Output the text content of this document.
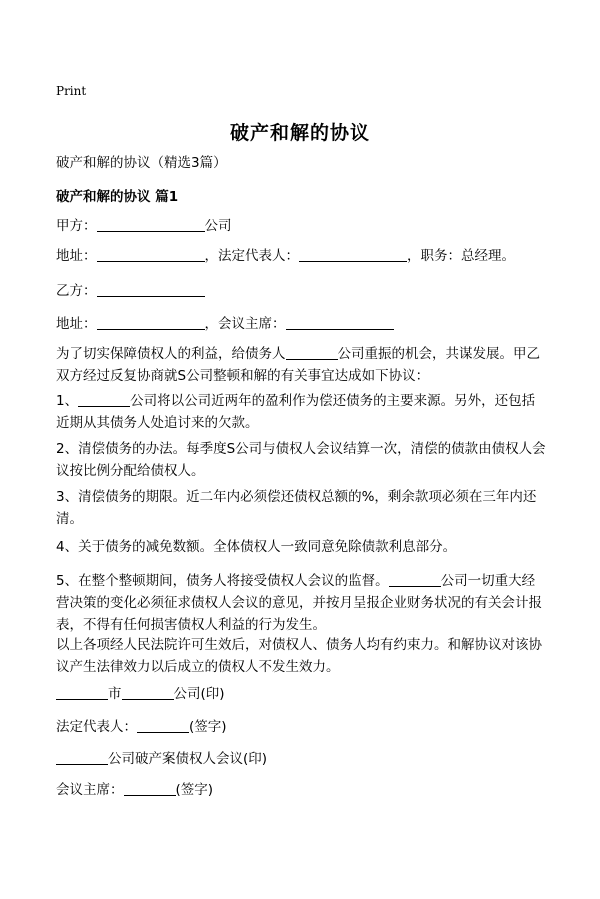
Print
破产和解的协议
破产和解的协议（精选3篇）
破产和解的协议 篇1
甲方：	公司
地址：	，法定代表人：	，职务：总经理。
乙方：
地址：	，会议主席：
为了切实保障债权人的利益，给债务人	公司重振的机会，共谋发展。甲乙双方经过反复协商就S公司整顿和解的有关事宜达成如下协议：
1、	公司将以公司近两年的盈利作为偿还债务的主要来源。另外，还包括近期从其债务人处追讨来的欠款。
2、清偿债务的办法。每季度S公司与债权人会议结算一次，清偿的债款由债权人会议按比例分配给债权人。
3、清偿债务的期限。近二年内必须偿还债权总额的%，剩余款项必须在三年内还清。
4、关于债务的减免数额。全体债权人一致同意免除债款利息部分。
5、在整个整顿期间，债务人将接受债权人会议的监督。	公司一切重大经营决策的变化必须征求债权人会议的意见，并按月呈报企业财务状况的有关会计报表，不得有任何损害债权人利益的行为发生。
以上各项经人民法院许可生效后，对债权人、债务人均有约束力。和解协议对该协议产生法律效力以后成立的债权人不发生效力。
市	公司(印)
法定代表人：	(签字)
公司破产案债权人会议(印)
会议主席：	(签字)
